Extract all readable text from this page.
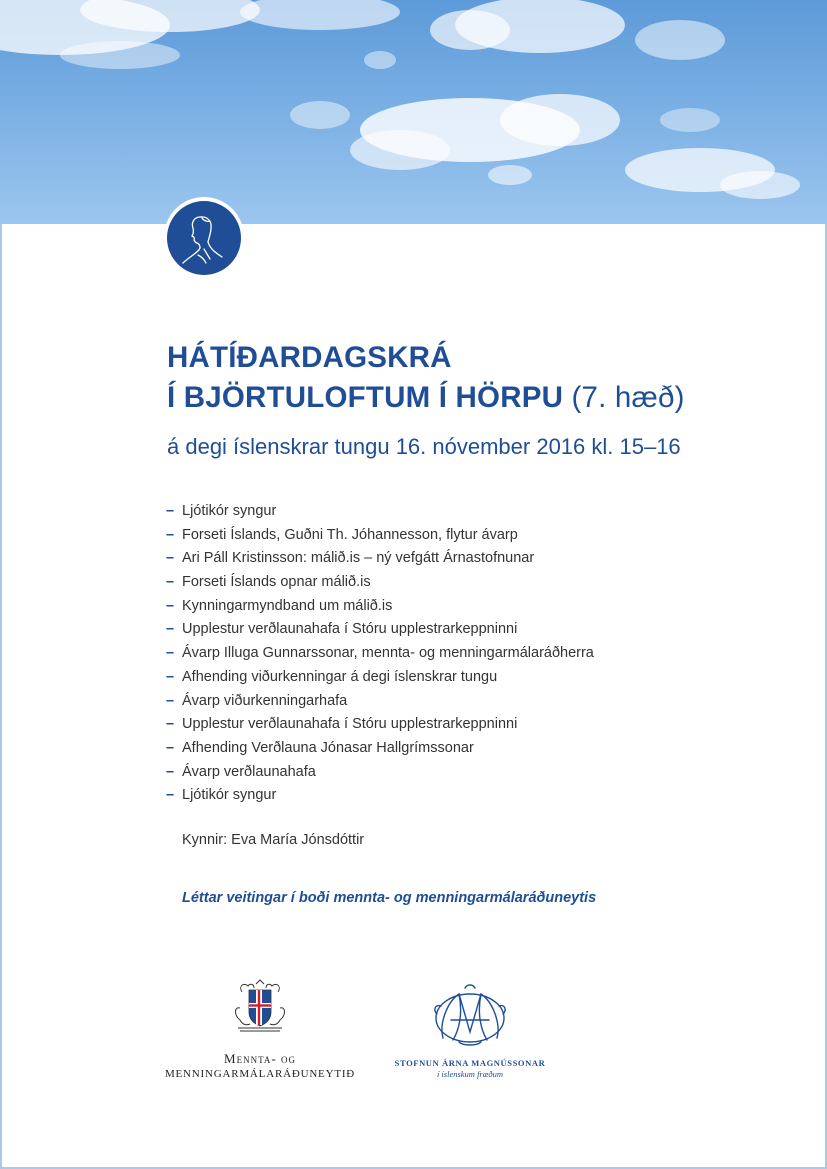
HÁTÍÐARDAGSKRÁ
Í BJÖRTULOFTUM Í HÖRPU (7. hæð)
á degi íslenskrar tungu 16. nóvember 2016 kl. 15–16
– Ljótikór syngur
– Forseti Íslands, Guðni Th. Jóhannesson, flytur ávarp
– Ari Páll Kristinsson: málið.is – ný vefgátt Árnastofnunar
– Forseti Íslands opnar málið.is
– Kynningarmyndband um málið.is
– Upplestur verðlaunahafa í Stóru upplestrarkeppninni
– Ávarp Illuga Gunnarssonar, mennta- og menningarmálaráðherra
– Afhending viðurkenningar á degi íslenskrar tungu
– Ávarp viðurkenningarhafa
– Upplestur verðlaunahafa í Stóru upplestrarkeppninni
– Afhending Verðlauna Jónasar Hallgrímssonar
– Ávarp verðlaunahafa
– Ljótikór syngur
Kynnir: Eva María Jónsdóttir
Léttar veitingar í boði mennta- og menningarmálaráðuneytis
Mennta- og
MENNINGARMÁLARÁÐUNEYTIÐ
STOFNUN ÁRNA MAGNÚSSONAR
í íslenskum fræðum
